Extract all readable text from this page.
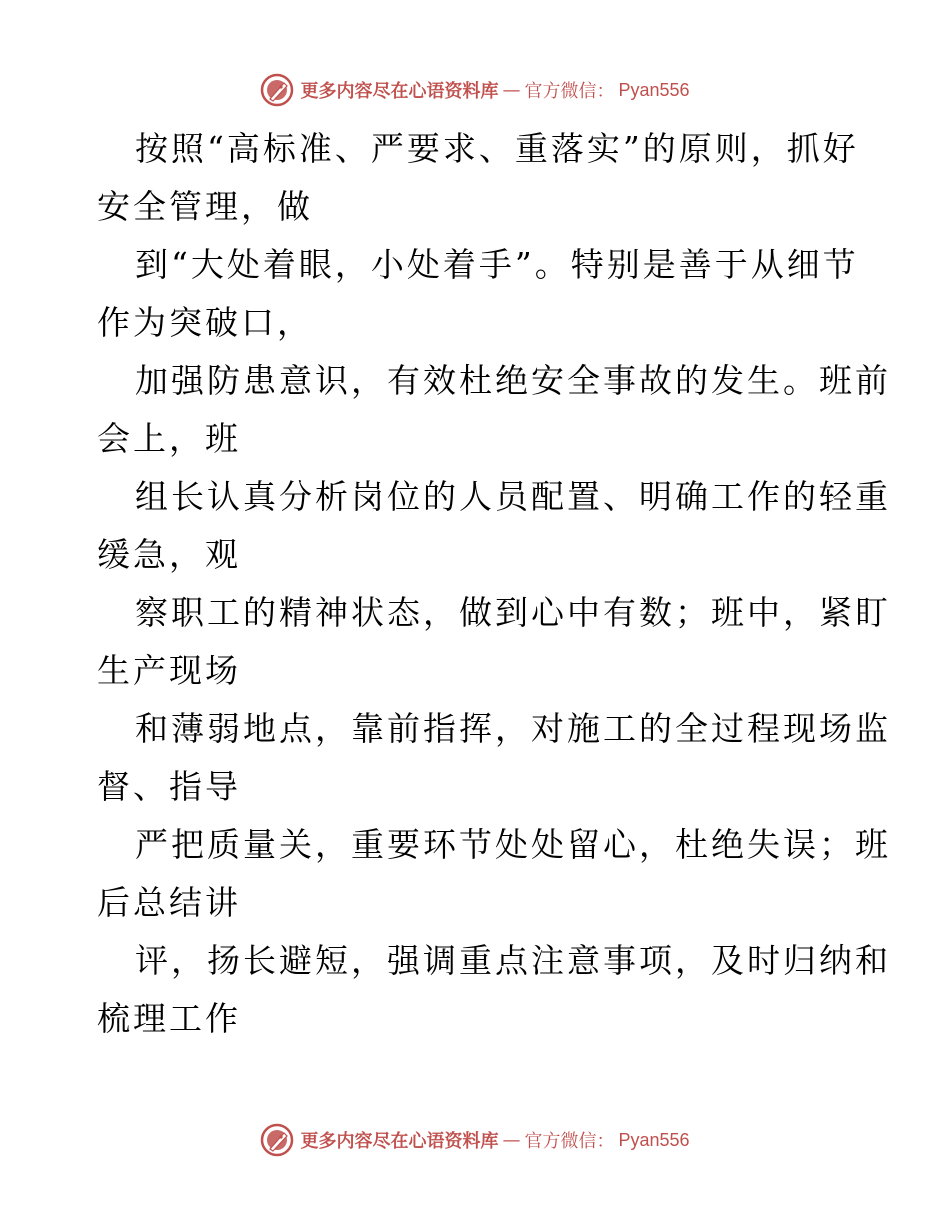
更多内容尽在心语资料库 — 官方微信： Pyan556

按照“高标准、严要求、重落实”的原则，抓好
安全管理，做

到“大处着眼，小处着手”。特别是善于从细节
作为突破口，

加强防患意识，有效杜绝安全事故的发生。班前
会上，班

组长认真分析岗位的人员配置、明确工作的轻重
缓急，观

察职工的精神状态，做到心中有数；班中，紧盯
生产现场

和薄弱地点，靠前指挥，对施工的全过程现场监
督、指导

严把质量关，重要环节处处留心，杜绝失误；班
后总结讲

评，扬长避短，强调重点注意事项，及时归纳和
梳理工作

更多内容尽在心语资料库 — 官方微信： Pyan556
